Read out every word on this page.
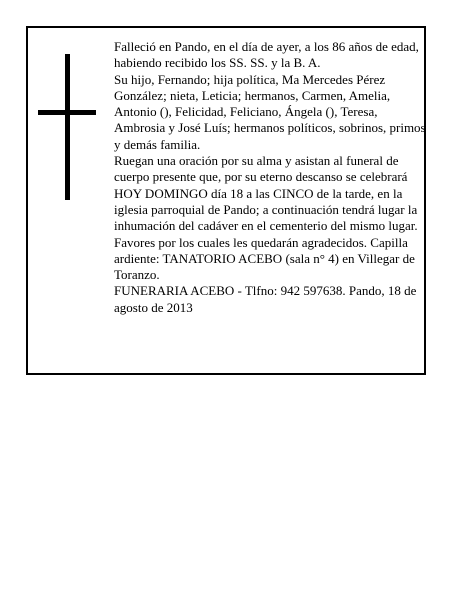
Falleció en Pando, en el día de ayer, a los 86 años de edad, habiendo recibido los SS. SS. y la B. A.

Su hijo, Fernando; hija política, Ma Mercedes Pérez González; nieta, Leticia; hermanos, Carmen, Amelia, Antonio (), Felicidad, Feliciano, Ángela (), Teresa, Ambrosia y José Luís; hermanos políticos, sobrinos, primos y demás familia.

Ruegan una oración por su alma y asistan al funeral de cuerpo presente que, por su eterno descanso se celebrará HOY DOMINGO día 18 a las CINCO de la tarde, en la iglesia parroquial de Pando; a continuación tendrá lugar la inhumación del cadáver en el cementerio del mismo lugar. Favores por los cuales les quedarán agradecidos. Capilla ardiente: TANATORIO ACEBO (sala n° 4) en Villegar de Toranzo.

FUNERARIA ACEBO - Tlfno: 942 597638. Pando, 18 de agosto de 2013
